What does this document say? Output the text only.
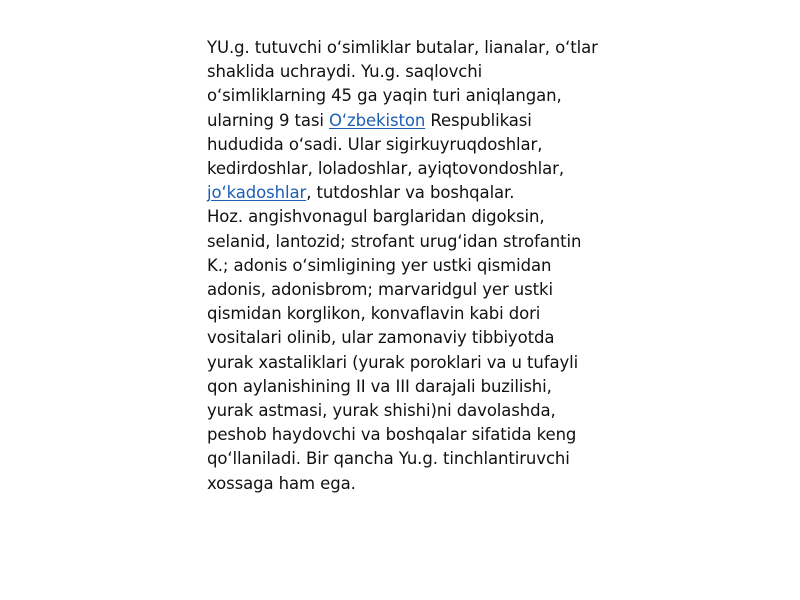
YU.g. tutuvchi o‘simliklar butalar, lianalar, o‘tlar
shaklida uchraydi. Yu.g. saqlovchi
o‘simliklarning 45 ga yaqin turi aniqlangan,
ularning 9 tasi O‘zbekiston Respublikasi
hududida o‘sadi. Ular sigirkuyruqdoshlar,
kedirdoshlar, loladoshlar, ayiqtovondoshlar,
jo‘kadoshlar, tutdoshlar va boshqalar.
Hoz. angishvonagul barglaridan digoksin,
selanid, lantozid; strofant urug‘idan strofantin
K.; adonis o‘simligining yer ustki qismidan
adonis, adonisbrom; marvaridgul yer ustki
qismidan korglikon, konvaflavin kabi dori
vositalari olinib, ular zamonaviy tibbiyotda
yurak xastaliklari (yurak poroklari va u tufayli
qon aylanishining II va III darajali buzilishi,
yurak astmasi, yurak shishi)ni davolashda,
peshob haydovchi va boshqalar sifatida keng
qo‘llaniladi. Bir qancha Yu.g. tinchlantiruvchi
xossaga ham ega.
